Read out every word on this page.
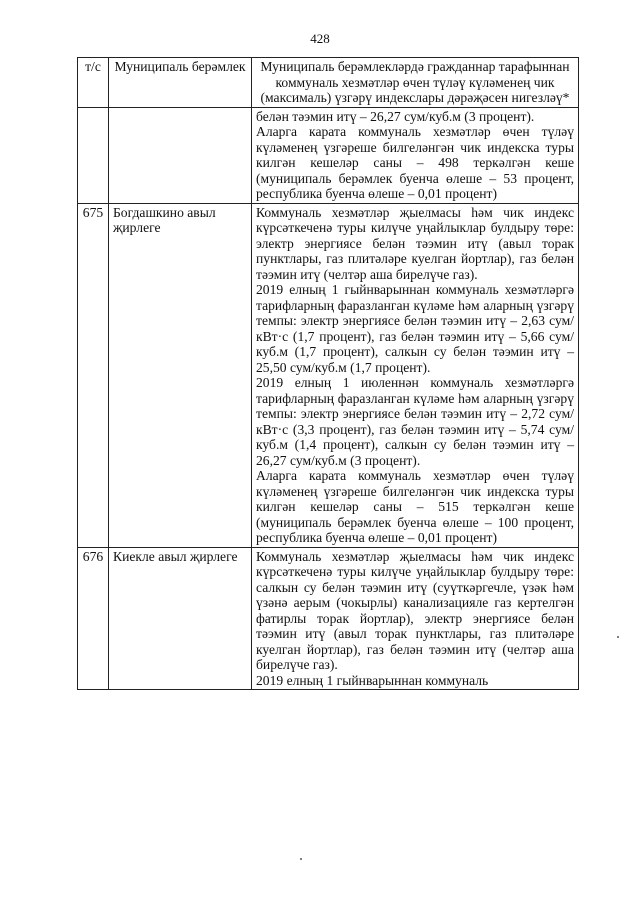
428
т/с	Муниципаль берәмлек	Муниципаль берәмлекләрдә гражданнар тарафыннан коммуналь хезмәтләр өчен түләү күләменең чик (максималь) үзгәрү индекслары дәрәҗәсен нигезләү*

		белән тәэмин итү – 26,27 сум/куб.м (3 процент).

Аларга карата коммуналь хезмәтләр өчен түләү күләменең үзгәреше билгеләнгән чик индекска туры килгән кешеләр саны – 498 теркәлгән кеше (муниципаль берәмлек буенча өлеше – 53 процент, республика буенча өлеше – 0,01 процент)

675	Богдашкино авыл җирлеге	Коммуналь хезмәтләр җыелмасы һәм чик индекс күрсәткеченә туры килүче уңайлыклар булдыру төре: электр энергиясе белән тәэмин итү (авыл торак пунктлары, газ плитәләре куелган йортлар), газ белән тәэмин итү (челтәр аша бирелүче газ).

2019 елның 1 гыйнварыннан коммуналь хезмәтләргә тарифларның фаразланган күләме һәм аларның үзгәрү темпы: электр энергиясе белән тәэмин итү – 2,63 сум/кВт·с (1,7 процент), газ белән тәэмин итү – 5,66 сум/куб.м (1,7 процент), салкын су белән тәэмин итү – 25,50 сум/куб.м (1,7 процент).

2019 елның 1 июленнән коммуналь хезмәтләргә тарифларның фаразланган күләме һәм аларның үзгәрү темпы: электр энергиясе белән тәэмин итү – 2,72 сум/кВт·с (3,3 процент), газ белән тәэмин итү – 5,74 сум/куб.м (1,4 процент), салкын су белән тәэмин итү – 26,27 сум/куб.м (3 процент).

Аларга карата коммуналь хезмәтләр өчен түләү күләменең үзгәреше билгеләнгән чик индекска туры килгән кешеләр саны – 515 теркәлгән кеше (муниципаль берәмлек буенча өлеше – 100 процент, республика буенча өлеше – 0,01 процент)

676	Киекле авыл җирлеге	Коммуналь хезмәтләр җыелмасы һәм чик индекс күрсәткеченә туры килүче уңайлыклар булдыру төре: салкын су белән тәэмин итү (суүткәргечле, үзәк һәм үзәнә аерым (чокырлы) канализацияле газ кертелгән фатирлы торак йортлар), электр энергиясе белән тәэмин итү (авыл торак пунктлары, газ плитәләре куелган йортлар), газ белән тәэмин итү (челтәр аша бирелүче газ).

2019 елның 1 гыйнварыннан коммуналь
